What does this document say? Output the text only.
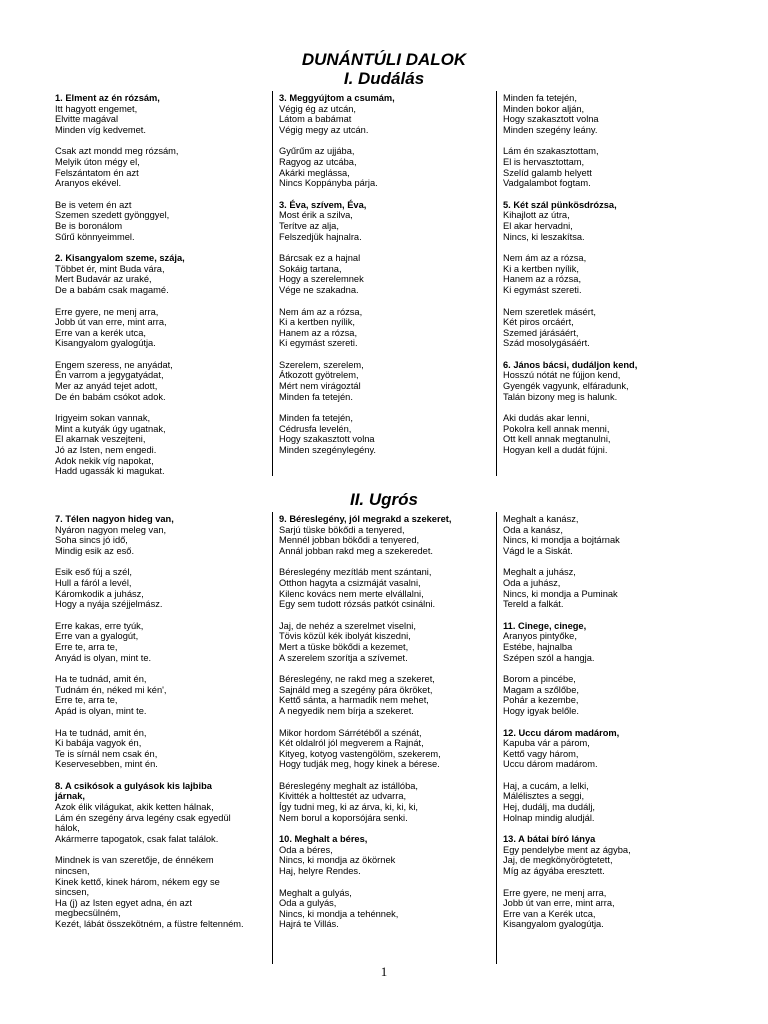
DUNÁNTÚLI DALOK
I. Dudálás
1. Elment az én rózsám,
Itt hagyott engemet,
Elvitte magával
Minden víg kedvemet.
Csak azt mondd meg rózsám,
Melyik úton mégy el,
Felszántatom én azt
Aranyos ekével.
Be is vetem én azt
Szemen szedett gyönggyel,
Be is boronálom
Sűrű könnyeimmel.
2. Kisangyalom szeme, szája,
Többet ér, mint Buda vára,
Mert Budavár az uraké,
De a babám csak magamé.
Erre gyere, ne menj arra,
Jobb út van erre, mint arra,
Erre van a kerék utca,
Kisangyalom gyalogútja.
Engem szeress, ne anyádat,
Én varrom a jegygatyádat,
Mer az anyád tejet adott,
De én babám csókot adok.
Irigyeim sokan vannak,
Mint a kutyák úgy ugatnak,
El akarnak veszejteni,
Jó az Isten, nem engedi.
Adok nekik víg napokat,
Hadd ugassák ki magukat.
3. Meggyújtom a csumám,
Végig ég az utcán,
Látom a babámat
Végig megy az utcán.
Gyűrűm az ujjába,
Ragyog az utcába,
Akárki meglássa,
Nincs Koppányba párja.
3. Éva, szívem, Éva,
Most érik a szilva,
Terítve az alja,
Felszedjük hajnalra.
Bárcsak ez a hajnal
Sokáig tartana,
Hogy a szerelemnek
Vége ne szakadna.
Nem ám az a rózsa,
Ki a kertben nyílik,
Hanem az a rózsa,
Ki egymást szereti.
Szerelem, szerelem,
Átkozott gyötrelem,
Mért nem virágoztál
Minden fa tetején.
Minden fa tetején,
Cédrusfa levelén,
Hogy szakasztott volna
Minden szegénylegény.
Minden fa tetején,
Minden bokor alján,
Hogy szakasztott volna
Minden szegény leány.
Lám én szakasztottam,
El is hervasztottam,
Szelíd galamb helyett
Vadgalambot fogtam.
5. Két szál pünkösdrózsa,
Kihajlott az útra,
El akar hervadni,
Nincs, ki leszakítsa.
Nem ám az a rózsa,
Ki a kertben nyílik,
Hanem az a rózsa,
Ki egymást szereti.
Nem szeretlek másért,
Két piros orcáért,
Szemed járásáért,
Szád mosolygásáért.
6. János bácsi, dudáljon kend,
Hosszú nótát ne fújjon kend,
Gyengék vagyunk, elfáradunk,
Talán bizony meg is halunk.
Aki dudás akar lenni,
Pokolra kell annak menni,
Ott kell annak megtanulni,
Hogyan kell a dudát fújni.
II. Ugrós
7. Télen nagyon hideg van,
Nyáron nagyon meleg van,
Soha sincs jó idő,
Mindig esik az eső.
Esik eső fúj a szél,
Hull a fáról a levél,
Káromkodik a juhász,
Hogy a nyája széjjelmász.
Erre kakas, erre tyúk,
Erre van a gyalogút,
Erre te, arra te,
Anyád is olyan, mint te.
Ha te tudnád, amit én,
Tudnám én, néked mi kén',
Erre te, arra te,
Apád is olyan, mint te.
Ha te tudnád, amit én,
Ki babája vagyok én,
Te is sírnál nem csak én,
Keservesebben, mint én.
8. A csikósok a gulyások kis lajbiba
járnak,
Azok élik világukat, akik ketten hálnak,
Lám én szegény árva legény csak egyedül
hálok,
Akármerre tapogatok, csak falat találok.
Mindnek is van szeretője, de énnékem
nincsen,
Kinek kettő, kinek három, nékem egy se
sincsen,
Ha (j) az Isten egyet adna, én azt
megbecsülném,
Kezét, lábát összekötném, a füstre feltenném.
9. Béreslegény, jól megrakd a szekeret,
Sarjú tüske bökődi a tenyered,
Mennél jobban bökődi a tenyered,
Annál jobban rakd meg a szekeredet.
Béreslegény mezítláb ment szántani,
Otthon hagyta a csizmáját vasalni,
Kilenc kovács nem merte elvállalni,
Egy sem tudott rózsás patkót csinálni.
Jaj, de nehéz a szerelmet viselni,
Tövis közül kék ibolyát kiszedni,
Mert a tüske bökődi a kezemet,
A szerelem szorítja a szívemet.
Béreslegény, ne rakd meg a szekeret,
Sajnáld meg a szegény pára ökröket,
Kettő sánta, a harmadik nem mehet,
A negyedik nem bírja a szekeret.
Mikor hordom Sárrétéből a szénát,
Két oldalról jól megverem a Rajnát,
Kityeg, kotyog vastengölöm, szekerem,
Hogy tudják meg, hogy kinek a bérese.
Béreslegény meghalt az istállóba,
Kivitték a holttestét az udvarra,
Így tudni meg, ki az árva, ki, ki, ki,
Nem borul a koporsójára senki.
10. Meghalt a béres,
Oda a béres,
Nincs, ki mondja az ökörnek
Haj, helyre Rendes.
Meghalt a gulyás,
Oda a gulyás,
Nincs, ki mondja a tehénnek,
Hajrá te Villás.
Meghalt a kanász,
Oda a kanász,
Nincs, ki mondja a bojtárnak
Vágd le a Siskát.
Meghalt a juhász,
Oda a juhász,
Nincs, ki mondja a Puminak
Tereld a falkát.
11. Cinege, cinege,
Aranyos pintyőke,
Estébe, hajnalba
Szépen szól a hangja.
Borom a pincébe,
Magam a szőlőbe,
Pohár a kezembe,
Hogy igyak belőle.
12. Uccu dárom madárom,
Kapuba vár a párom,
Kettő vagy három,
Uccu dárom madárom.
Haj, a cucám, a lelki,
Málélisztes a seggi,
Hej, dudálj, ma dudálj,
Holnap mindig aludjál.
13. A bátai bíró lánya
Egy pendelybe ment az ágyba,
Jaj, de megkönyörögtetett,
Míg az ágyába eresztett.
Erre gyere, ne menj arra,
Jobb út van erre, mint arra,
Erre van a Kerék utca,
Kisangyalom gyalogútja.
1
